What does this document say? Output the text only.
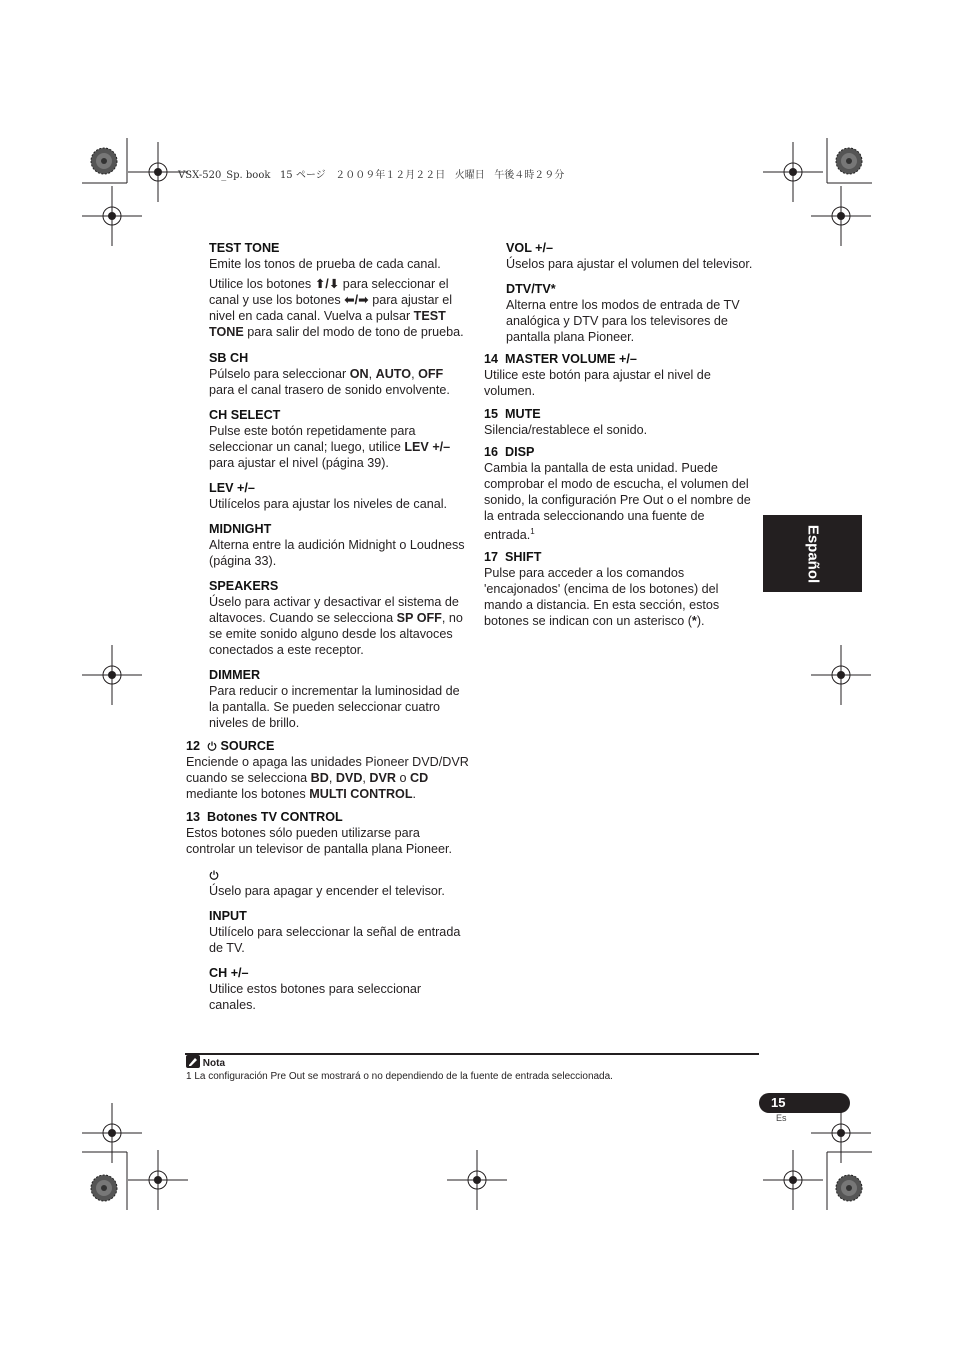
VSX-520_Sp. book   15 ページ   ２００９年１２月２２日   火曜日   午後４時２９分

TEST TONE

Emite los tonos de prueba de cada canal.

Utilice los botones ⬆/⬇ para seleccionar el canal y use los botones ⬅/➡ para ajustar el nivel en cada canal. Vuelva a pulsar TEST TONE para salir del modo de tono de prueba.

SB CH

Púlselo para seleccionar ON, AUTO, OFF para el canal trasero de sonido envolvente.

CH SELECT

Pulse este botón repetidamente para seleccionar un canal; luego, utilice LEV +/– para ajustar el nivel (página 39).

LEV +/–

Utilícelos para ajustar los niveles de canal.

MIDNIGHT

Alterna entre la audición Midnight o Loudness (página 33).

SPEAKERS

Úselo para activar y desactivar el sistema de altavoces. Cuando se selecciona SP OFF, no se emite sonido alguno desde los altavoces conectados a este receptor.

DIMMER

Para reducir o incrementar la luminosidad de la pantalla. Se pueden seleccionar cuatro niveles de brillo.

12 SOURCE

Enciende o apaga las unidades Pioneer DVD/DVR cuando se selecciona BD, DVD, DVR o CD mediante los botones MULTI CONTROL.

13 Botones TV CONTROL

Estos botones sólo pueden utilizarse para controlar un televisor de pantalla plana Pioneer.

Úselo para apagar y encender el televisor.

INPUT

Utilícelo para seleccionar la señal de entrada de TV.

CH +/–

Utilice estos botones para seleccionar canales.

VOL +/–

Úselos para ajustar el volumen del televisor.

DTV/TV*

Alterna entre los modos de entrada de TV analógica y DTV para los televisores de pantalla plana Pioneer.

14 MASTER VOLUME +/–

Utilice este botón para ajustar el nivel de volumen.

15 MUTE

Silencia/restablece el sonido.

16 DISP

Cambia la pantalla de esta unidad. Puede comprobar el modo de escucha, el volumen del sonido, la configuración Pre Out o el nombre de la entrada seleccionando una fuente de entrada.$^1$

17 SHIFT

Pulse para acceder a los comandos 'encajonados' (encima de los botones) del mando a distancia. En esta sección, estos botones se indican con un asterisco (*).

Español
Nota
1 La configuración Pre Out se mostrará o no dependiendo de la fuente de entrada seleccionada.
15
Es
